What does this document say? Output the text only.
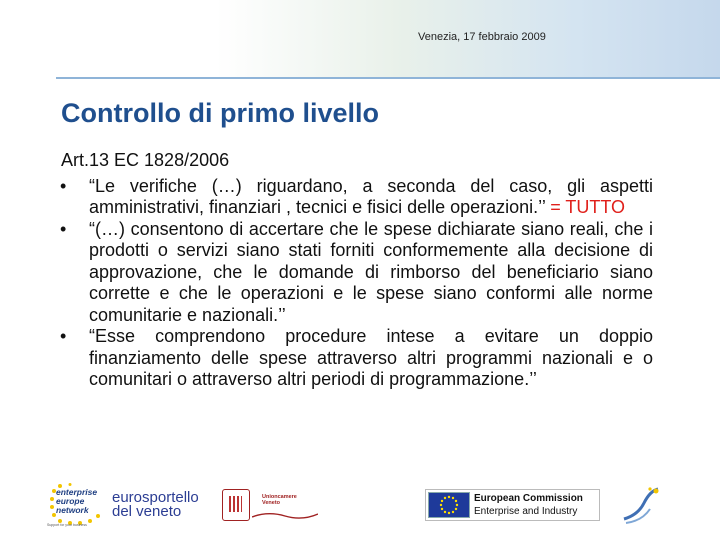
Venezia, 17 febbraio 2009
Controllo di primo livello
Art.13 EC 1828/2006
• “Le verifiche (…) riguardano, a seconda del caso, gli aspetti amministrativi, finanziari , tecnici e fisici delle operazioni.’’ = TUTTO
• “(…) consentono di accertare che le spese dichiarate siano reali, che i prodotti o servizi siano stati forniti conformemente alla decisione di approvazione, che le domande di rimborso del beneficiario siano corrette e che le operazioni e le spese siano conformi alle norme comunitarie e nazionali.’’
• “Esse comprendono procedure intese a evitare un doppio finanziamento delle spese attraverso altri programmi nazionali e o comunitari o attraverso altri periodi di programmazione.’’
enterprise
europe
network
Support for your business
eurosportello
del veneto
Unioncamere
Veneto	European Commission
Enterprise and Industry
